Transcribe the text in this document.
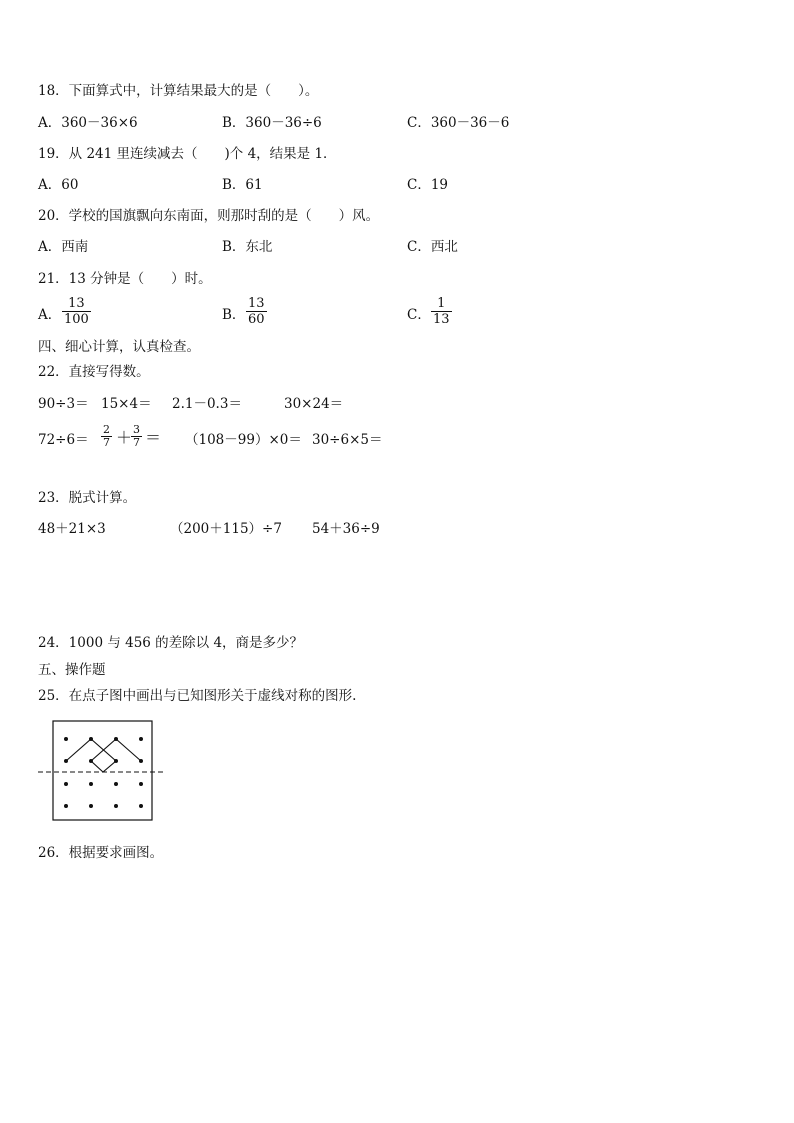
18．下面算式中，计算结果最大的是（　　）。
A．360－36×6	B．360－36÷6	C．360－36－6
19．从 241 里连续减去（　　)个 4，结果是 1．
A．60	B．61	C．19
20．学校的国旗飘向东南面，则那时刮的是（　　）风。
A．西南	B．东北	C．西北
21．13 分钟是（　　）时。
A．
13
100	B．
13
60	C．
1
13
四、细心计算，认真检查。
22．直接写得数。
90÷3＝ 15×4＝ 2.1－0.3＝	30×24＝
72÷6＝
2
7 ＋ 3
7 ＝ （108－99）×0＝ 30÷6×5＝
23．脱式计算。
48＋21×3	（200＋115）÷7 54＋36÷9
24．1000 与 456 的差除以 4，商是多少？
五、操作题
25．在点子图中画出与已知图形关于虚线对称的图形.
26．根据要求画图。
